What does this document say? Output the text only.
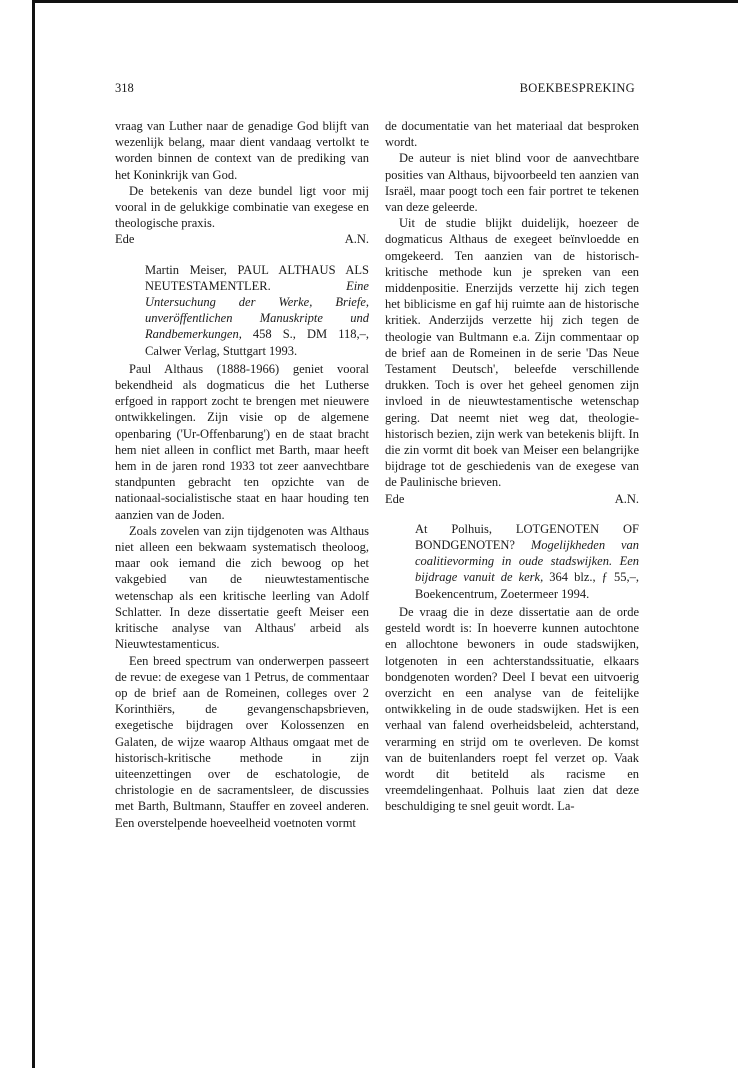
318	BOEKBESPREKING

vraag van Luther naar de genadige God blijft van wezenlijk belang, maar dient vandaag vertolkt te worden binnen de context van de prediking van het Koninkrijk van God.

De betekenis van deze bundel ligt voor mij vooral in de gelukkige combinatie van exegese en theologische praxis.

Ede	A.N.
Martin Meiser, PAUL ALTHAUS ALS NEUTESTAMENTLER. Eine Untersuchung der Werke, Briefe, unveröffentlichen Manuskripte und Randbemerkungen, 458 S., DM 118,–, Calwer Verlag, Stuttgart 1993.

Paul Althaus (1888-1966) geniet vooral bekendheid als dogmaticus die het Lutherse erfgoed in rapport zocht te brengen met nieuwere ontwikkelingen. Zijn visie op de algemene openbaring ('Ur-Offenbarung') en de staat bracht hem niet alleen in conflict met Barth, maar heeft hem in de jaren rond 1933 tot zeer aanvechtbare standpunten gebracht ten opzichte van de nationaal-socialistische staat en haar houding ten aanzien van de Joden.

Zoals zovelen van zijn tijdgenoten was Althaus niet alleen een bekwaam systematisch theoloog, maar ook iemand die zich bewoog op het vakgebied van de nieuwtestamentische wetenschap als een kritische leerling van Adolf Schlatter. In deze dissertatie geeft Meiser een kritische analyse van Althaus' arbeid als Nieuwtestamenticus.

Een breed spectrum van onderwerpen passeert de revue: de exegese van 1 Petrus, de commentaar op de brief aan de Romeinen, colleges over 2 Korinthiërs, de gevangenschapsbrieven, exegetische bijdragen over Kolossenzen en Galaten, de wijze waarop Althaus omgaat met de historisch-kritische methode in zijn uiteenzettingen over de eschatologie, de christologie en de sacramentsleer, de discussies met Barth, Bultmann, Stauffer en zoveel anderen. Een overstelpende hoeveelheid voetnoten vormt

de documentatie van het materiaal dat besproken wordt.

De auteur is niet blind voor de aanvechtbare posities van Althaus, bijvoorbeeld ten aanzien van Israël, maar poogt toch een fair portret te tekenen van deze geleerde.

Uit de studie blijkt duidelijk, hoezeer de dogmaticus Althaus de exegeet beïnvloedde en omgekeerd. Ten aanzien van de historisch-kritische methode kun je spreken van een middenpositie. Enerzijds verzette hij zich tegen het biblicisme en gaf hij ruimte aan de historische kritiek. Anderzijds verzette hij zich tegen de theologie van Bultmann e.a. Zijn commentaar op de brief aan de Romeinen in de serie 'Das Neue Testament Deutsch', beleefde verschillende drukken. Toch is over het geheel genomen zijn invloed in de nieuwtestamentische wetenschap gering. Dat neemt niet weg dat, theologie-historisch bezien, zijn werk van betekenis blijft. In die zin vormt dit boek van Meiser een belangrijke bijdrage tot de geschiedenis van de exegese van de Paulinische brieven.

Ede	A.N.
At Polhuis, LOTGENOTEN OF BONDGENOTEN? Mogelijkheden van coalitievorming in oude stadswijken. Een bijdrage vanuit de kerk, 364 blz., ƒ 55,–, Boekencentrum, Zoetermeer 1994.

De vraag die in deze dissertatie aan de orde gesteld wordt is: In hoeverre kunnen autochtone en allochtone bewoners in oude stadswijken, lotgenoten in een achterstandssituatie, elkaars bondgenoten worden? Deel I bevat een uitvoerig overzicht en een analyse van de feitelijke ontwikkeling in de oude stadswijken. Het is een verhaal van falend overheidsbeleid, achterstand, verarming en strijd om te overleven. De komst van de buitenlanders roept fel verzet op. Vaak wordt dit betiteld als racisme en vreemdelingenhaat. Polhuis laat zien dat deze beschuldiging te snel geuit wordt. La-
